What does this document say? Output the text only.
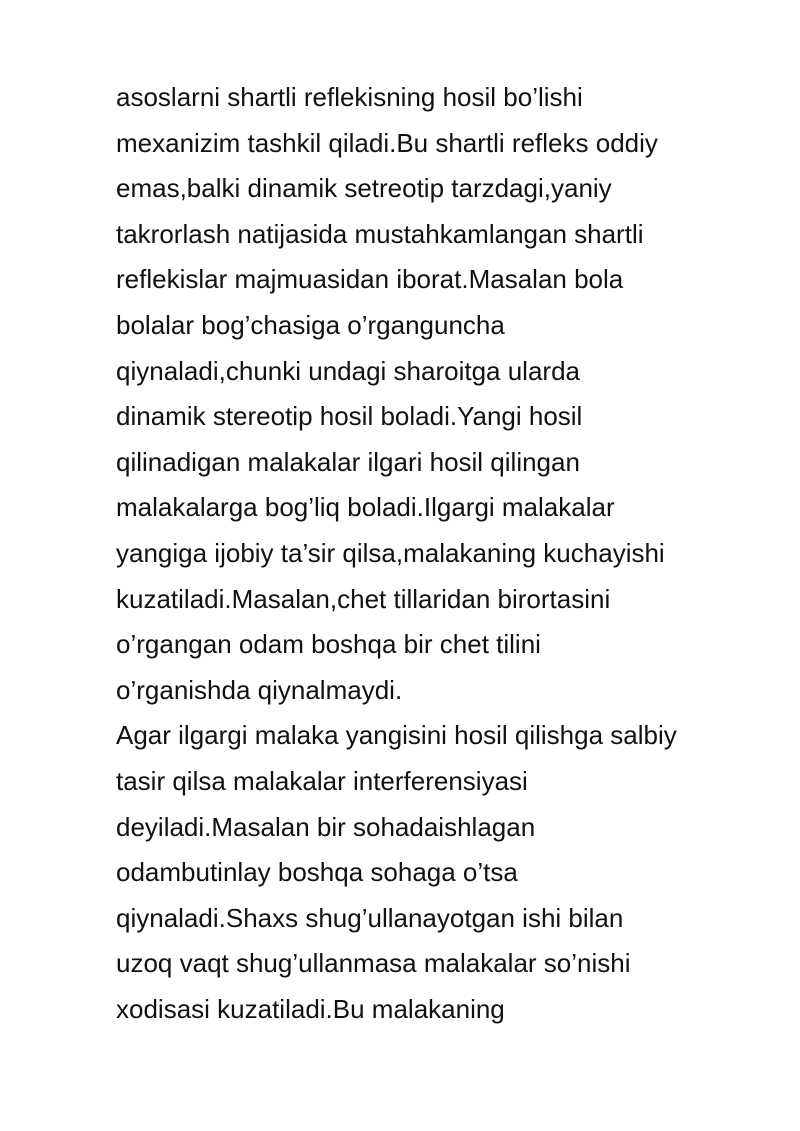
asoslarni shartli reflekisning hosil bo’lishi
mexanizim tashkil qiladi.Bu shartli refleks oddiy
emas,balki dinamik setreotip tarzdagi,yaniy
takrorlash natijasida mustahkamlangan shartli
reflekislar majmuasidan iborat.Masalan bola
bolalar bog’chasiga o’rganguncha
qiynaladi,chunki undagi sharoitga ularda
dinamik stereotip hosil boladi.Yangi hosil
qilinadigan malakalar ilgari hosil qilingan
malakalarga bog’liq boladi.Ilgargi malakalar
yangiga ijobiy ta’sir qilsa,malakaning kuchayishi
kuzatiladi.Masalan,chet tillaridan birortasini
o’rgangan odam boshqa bir chet tilini
o’rganishda qiynalmaydi.
Agar ilgargi malaka yangisini hosil qilishga salbiy
tasir qilsa malakalar interferensiyasi
deyiladi.Masalan bir sohadaishlagan
odambutinlay boshqa sohaga o’tsa
qiynaladi.Shaxs shug’ullanayotgan ishi bilan
uzoq vaqt shug’ullanmasa malakalar so’nishi
xodisasi kuzatiladi.Bu malakaning
